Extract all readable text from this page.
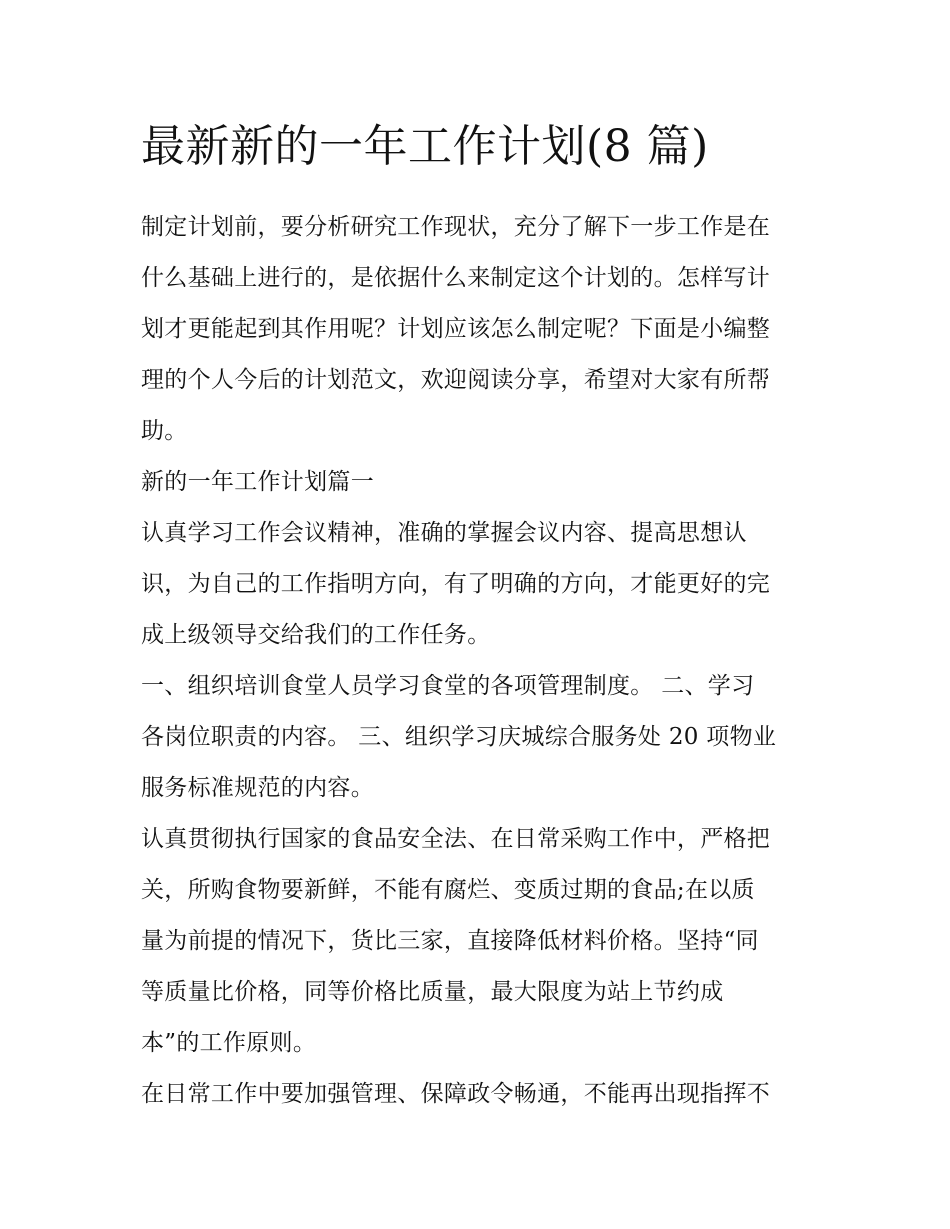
最新新的一年工作计划(8 篇)

制定计划前，要分析研究工作现状，充分了解下一步工作是在
什么基础上进行的，是依据什么来制定这个计划的。怎样写计
划才更能起到其作用呢？计划应该怎么制定呢？下面是小编整
理的个人今后的计划范文，欢迎阅读分享，希望对大家有所帮
助。

新的一年工作计划篇一

认真学习工作会议精神，准确的掌握会议内容、提高思想认
识，为自己的工作指明方向，有了明确的方向，才能更好的完
成上级领导交给我们的工作任务。

一、组织培训食堂人员学习食堂的各项管理制度。 二、学习
各岗位职责的内容。 三、组织学习庆城综合服务处 20 项物业
服务标准规范的内容。

认真贯彻执行国家的食品安全法、在日常采购工作中，严格把
关，所购食物要新鲜，不能有腐烂、变质过期的食品;在以质
量为前提的情况下，货比三家，直接降低材料价格。坚持“同
等质量比价格，同等价格比质量，最大限度为站上节约成
本”的工作原则。

在日常工作中要加强管理、保障政令畅通，不能再出现指挥不
